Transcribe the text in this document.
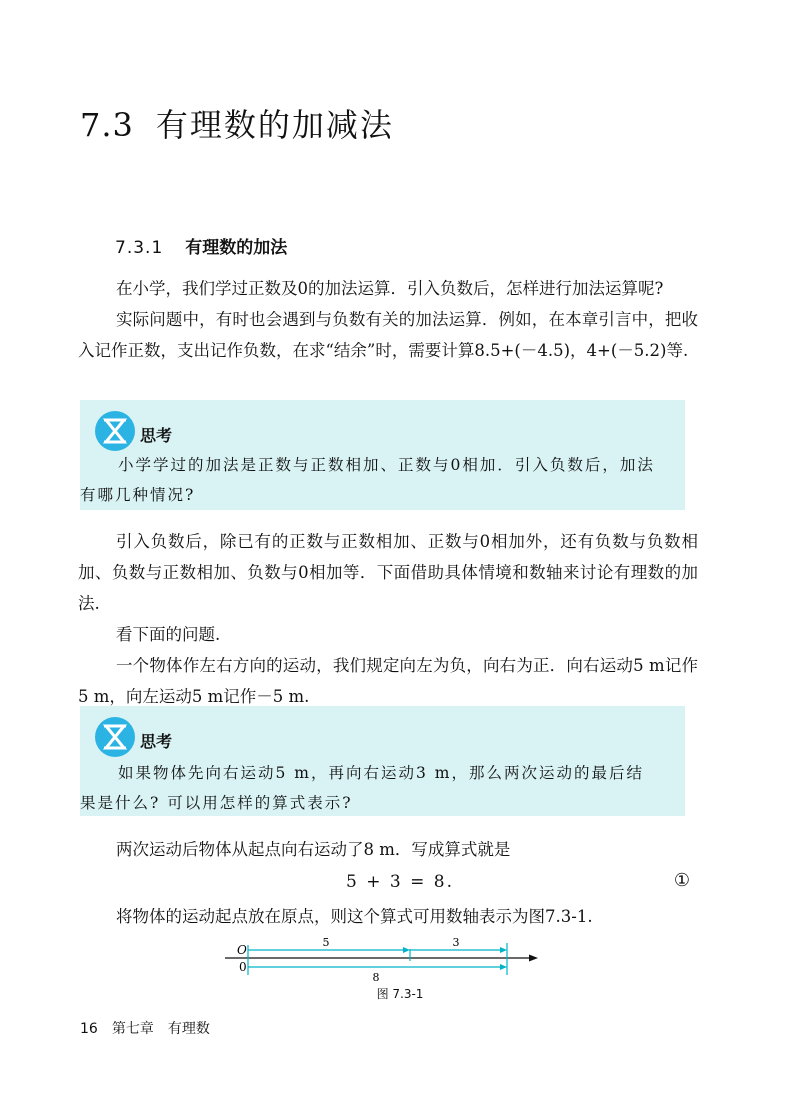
7.3 有理数的加减法
7.3.1 有理数的加法

在小学，我们学过正数及0的加法运算．引入负数后，怎样进行加法运算呢?

实际问题中，有时也会遇到与负数有关的加法运算．例如，在本章引言中，把收入记作正数，支出记作负数，在求“结余”时，需要计算8.5+(－4.5)，4+(－5.2)等.

思考

小学学过的加法是正数与正数相加、正数与0相加．引入负数后，加法有哪几种情况?

引入负数后，除已有的正数与正数相加、正数与0相加外，还有负数与负数相加、负数与正数相加、负数与0相加等．下面借助具体情境和数轴来讨论有理数的加法.

看下面的问题.

一个物体作左右方向的运动，我们规定向左为负，向右为正．向右运动5 m记作5 m，向左运动5 m记作－5 m.

思考

如果物体先向右运动5 m，再向右运动3 m，那么两次运动的最后结果是什么? 可以用怎样的算式表示?

两次运动后物体从起点向右运动了8 m．写成算式就是

5 + 3 = 8.	①

将物体的运动起点放在原点，则这个算式可用数轴表示为图7.3-1.

O
0
5	3
8
图 7.3-1
16 第七章 有理数
